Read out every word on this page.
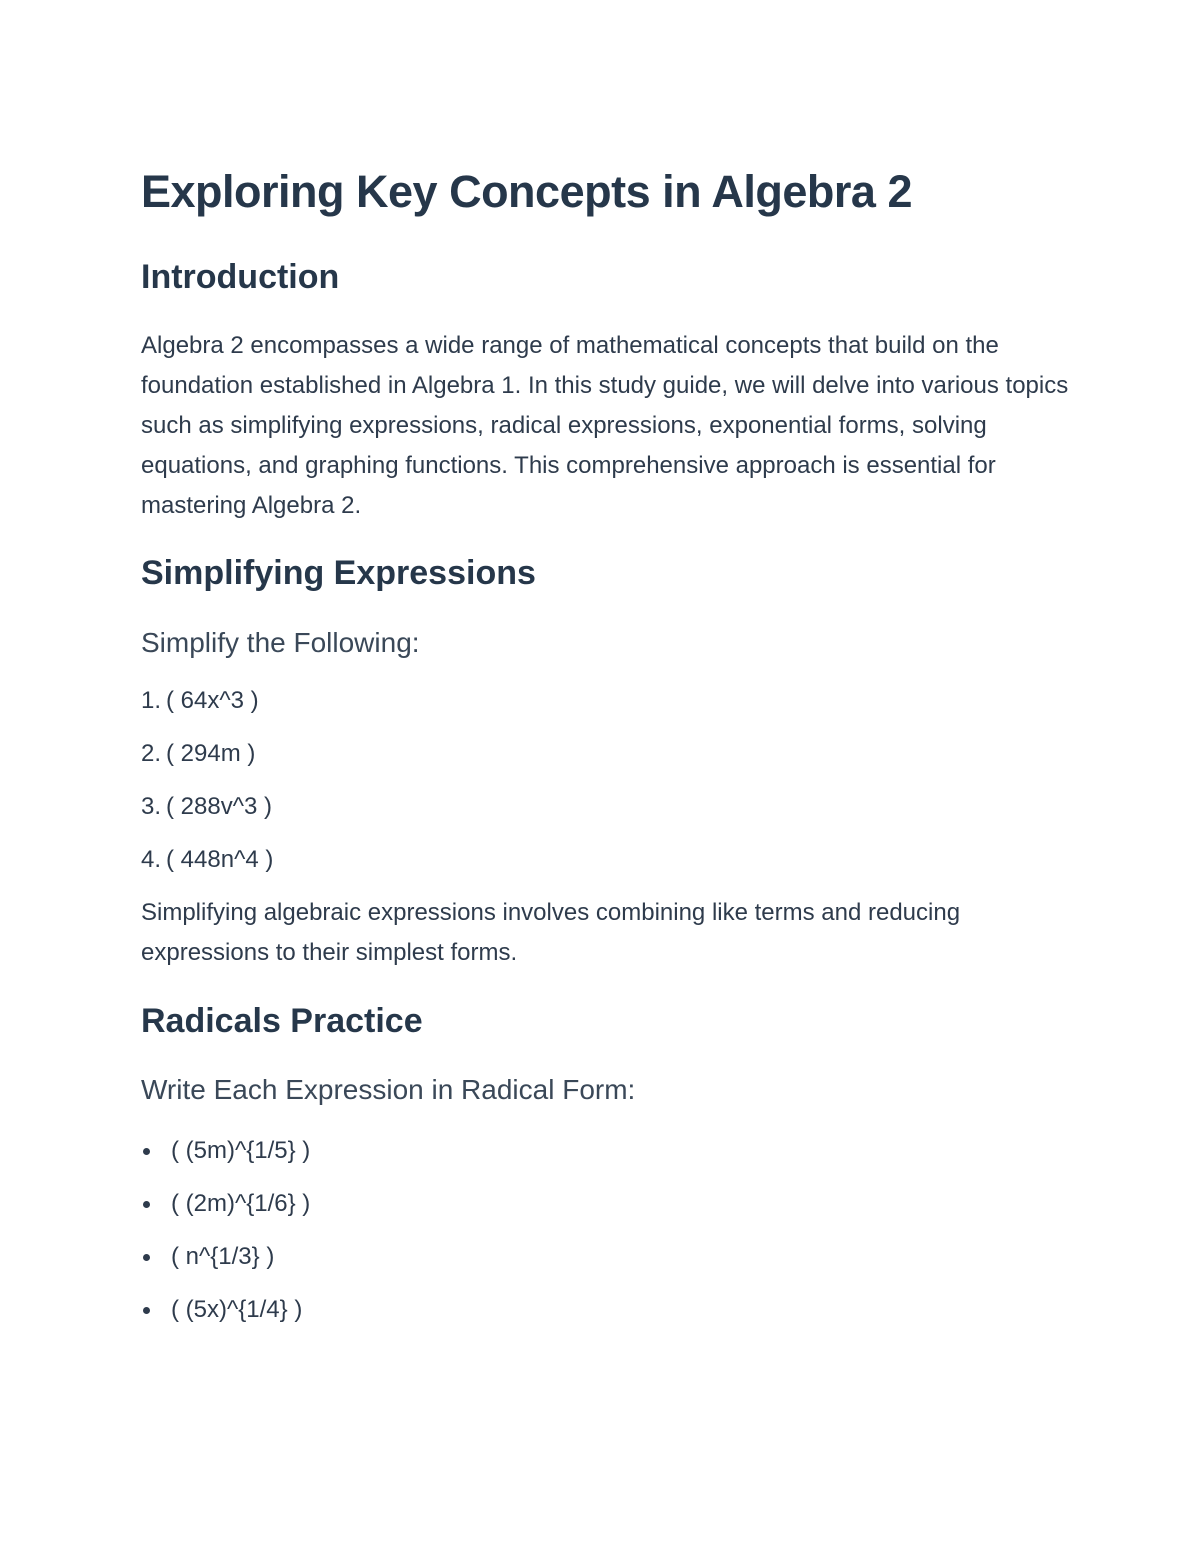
Exploring Key Concepts in Algebra 2
Introduction

Algebra 2 encompasses a wide range of mathematical concepts that build on the foundation established in Algebra 1. In this study guide, we will delve into various topics such as simplifying expressions, radical expressions, exponential forms, solving equations, and graphing functions. This comprehensive approach is essential for mastering Algebra 2.

Simplifying Expressions
Simplify the Following:
1. ( 64x^3 )
2. ( 294m )
3. ( 288v^3 )
4. ( 448n^4 )

Simplifying algebraic expressions involves combining like terms and reducing expressions to their simplest forms.

Radicals Practice
Write Each Expression in Radical Form:
( (5m)^{1/5} )
( (2m)^{1/6} )
( n^{1/3} )
( (5x)^{1/4} )
